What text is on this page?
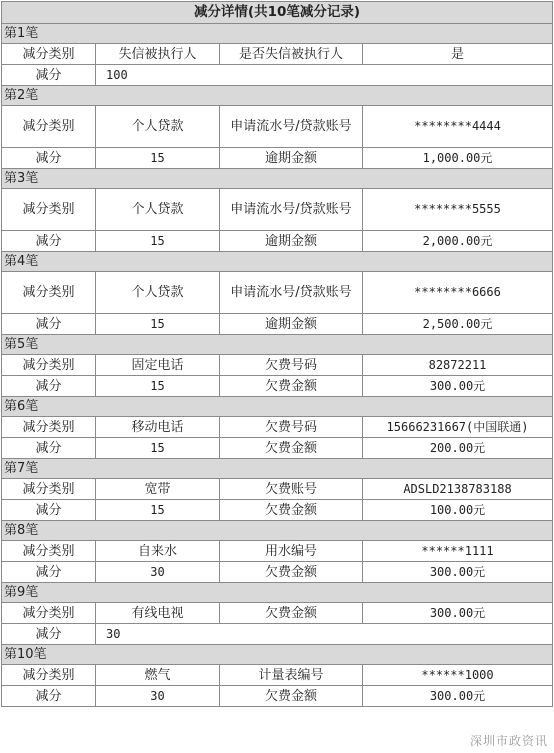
减分详情(共10笔减分记录)			
第1笔			
减分类别	失信被执行人	是否失信被执行人	是
减分	100		
第2笔			
减分类别	个人贷款	申请流水号/贷款账号	********4444
减分	15	逾期金额	1,000.00元
第3笔			
减分类别	个人贷款	申请流水号/贷款账号	********5555
减分	15	逾期金额	2,000.00元
第4笔			
减分类别	个人贷款	申请流水号/贷款账号	********6666
减分	15	逾期金额	2,500.00元
第5笔			
减分类别	固定电话	欠费号码	82872211
减分	15	欠费金额	300.00元
第6笔			
减分类别	移动电话	欠费号码	15666231667(中国联通)
减分	15	欠费金额	200.00元
第7笔			
减分类别	宽带	欠费账号	ADSLD2138783188
减分	15	欠费金额	100.00元
第8笔			
减分类别	自来水	用水编号	******1111
减分	30	欠费金额	300.00元
第9笔			
减分类别	有线电视	欠费金额	300.00元
减分	30		
第10笔			
减分类别	燃气	计量表编号	******1000
减分	30	欠费金额	300.00元
深圳市政资讯
